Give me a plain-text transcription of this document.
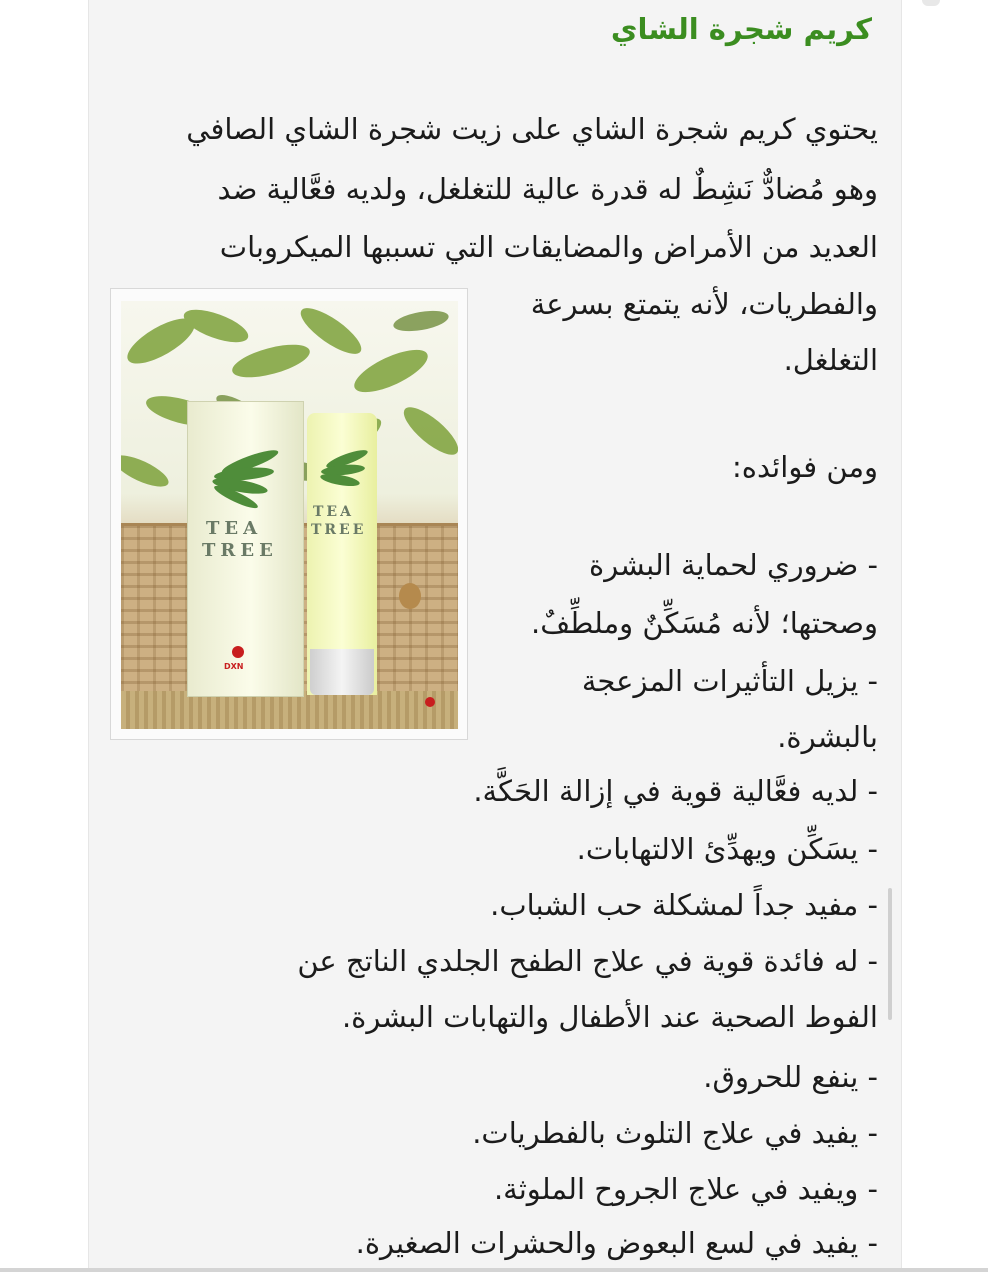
كريم شجرة الشاي
يحتوي كريم شجرة الشاي على زيت شجرة الشاي الصافي
وهو مُضادٌّ نَشِطٌ له قدرة عالية للتغلغل، ولديه فعَّالية ضد
العديد من الأمراض والمضايقات التي تسببها الميكروبات
والفطريات، لأنه يتمتع بسرعة
التغلغل.
ومن فوائده:
- ضروري لحماية البشرة
وصحتها؛ لأنه مُسَكِّنٌ وملطِّفٌ.
- يزيل التأثيرات المزعجة
بالبشرة.
- لديه فعَّالية قوية في إزالة الحَكَّة.
- يسَكِّن ويهدِّئ الالتهابات.
- مفيد جداً لمشكلة حب الشباب.
- له فائدة قوية في علاج الطفح الجلدي الناتج عن
الفوط الصحية عند الأطفال والتهابات البشرة.
- ينفع للحروق.
- يفيد في علاج التلوث بالفطريات.
- ويفيد في علاج الجروح الملوثة.
- يفيد في لسع البعوض والحشرات الصغيرة.
TEA
TREE
DXN
TEA
TREE
